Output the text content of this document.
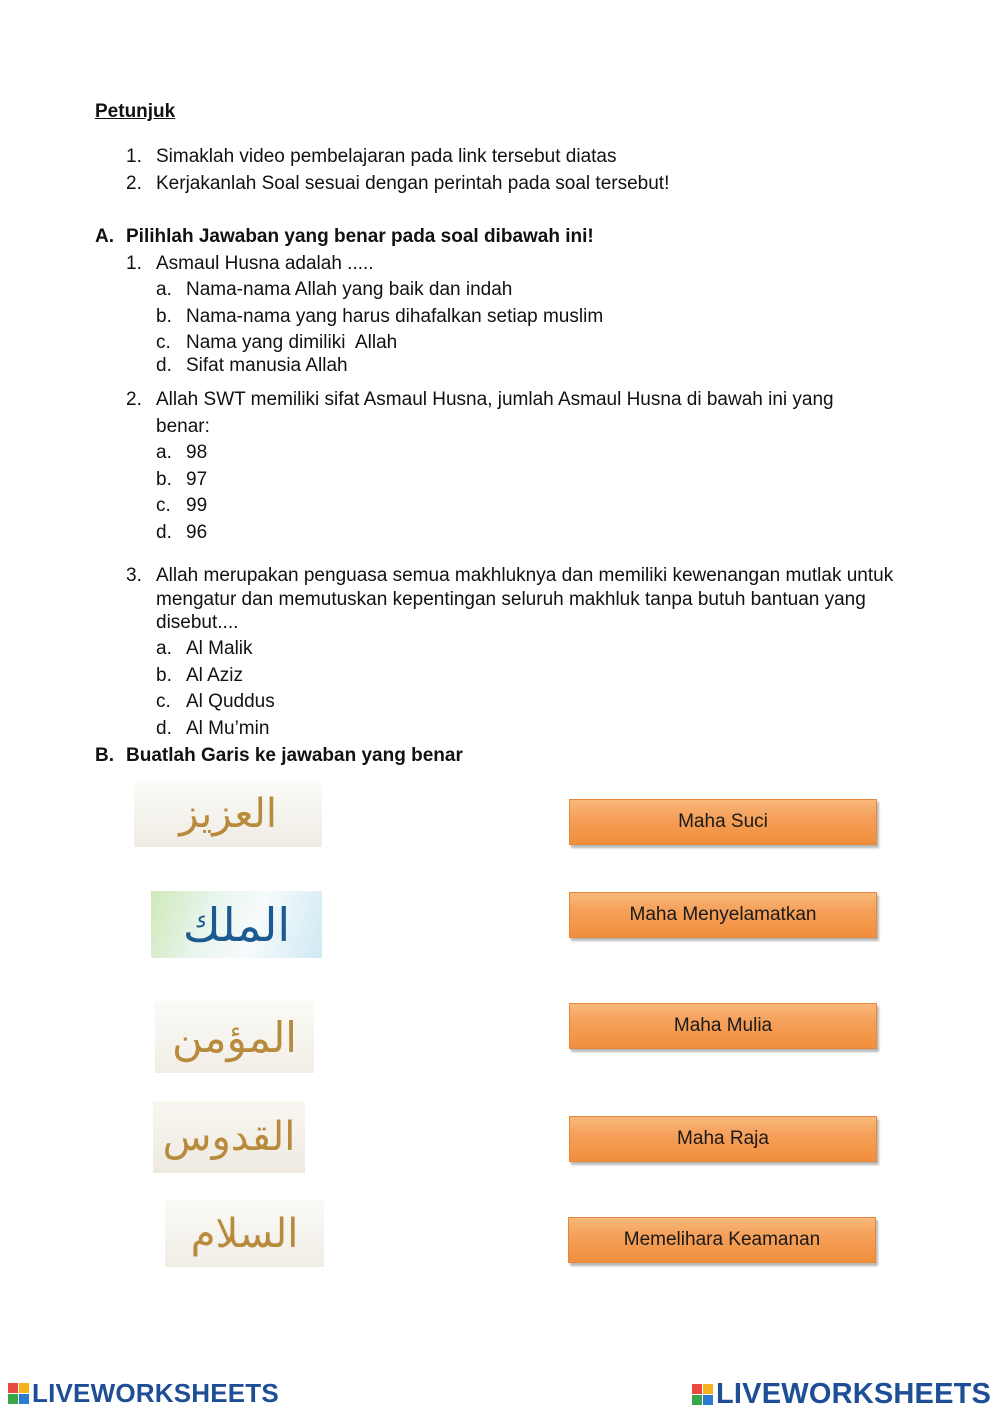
Petunjuk
1. Simaklah video pembelajaran pada link tersebut diatas
2. Kerjakanlah Soal sesuai dengan perintah pada soal tersebut!
A. Pilihlah Jawaban yang benar pada soal dibawah ini!
1. Asmaul Husna adalah .....
a. Nama-nama Allah yang baik dan indah
b. Nama-nama yang harus dihafalkan setiap muslim
c. Nama yang dimiliki  Allah
d. Sifat manusia Allah
2. Allah SWT memiliki sifat Asmaul Husna, jumlah Asmaul Husna di bawah ini yang
benar:
a. 98
b. 97
c. 99
d. 96
3. Allah merupakan penguasa semua makhluknya dan memiliki kewenangan mutlak untuk
mengatur dan memutuskan kepentingan seluruh makhluk tanpa butuh bantuan yang
disebut....
a. Al Malik
b. Al Aziz
c. Al Quddus
d. Al Mu’min
B. Buatlah Garis ke jawaban yang benar
العزيز
الملك
المؤمن
القدوس
السلام
Maha Suci
Maha Menyelamatkan
Maha Mulia
Maha Raja
Memelihara Keamanan
LIVEWORKSHEETS	LIVEWORKSHEETS
